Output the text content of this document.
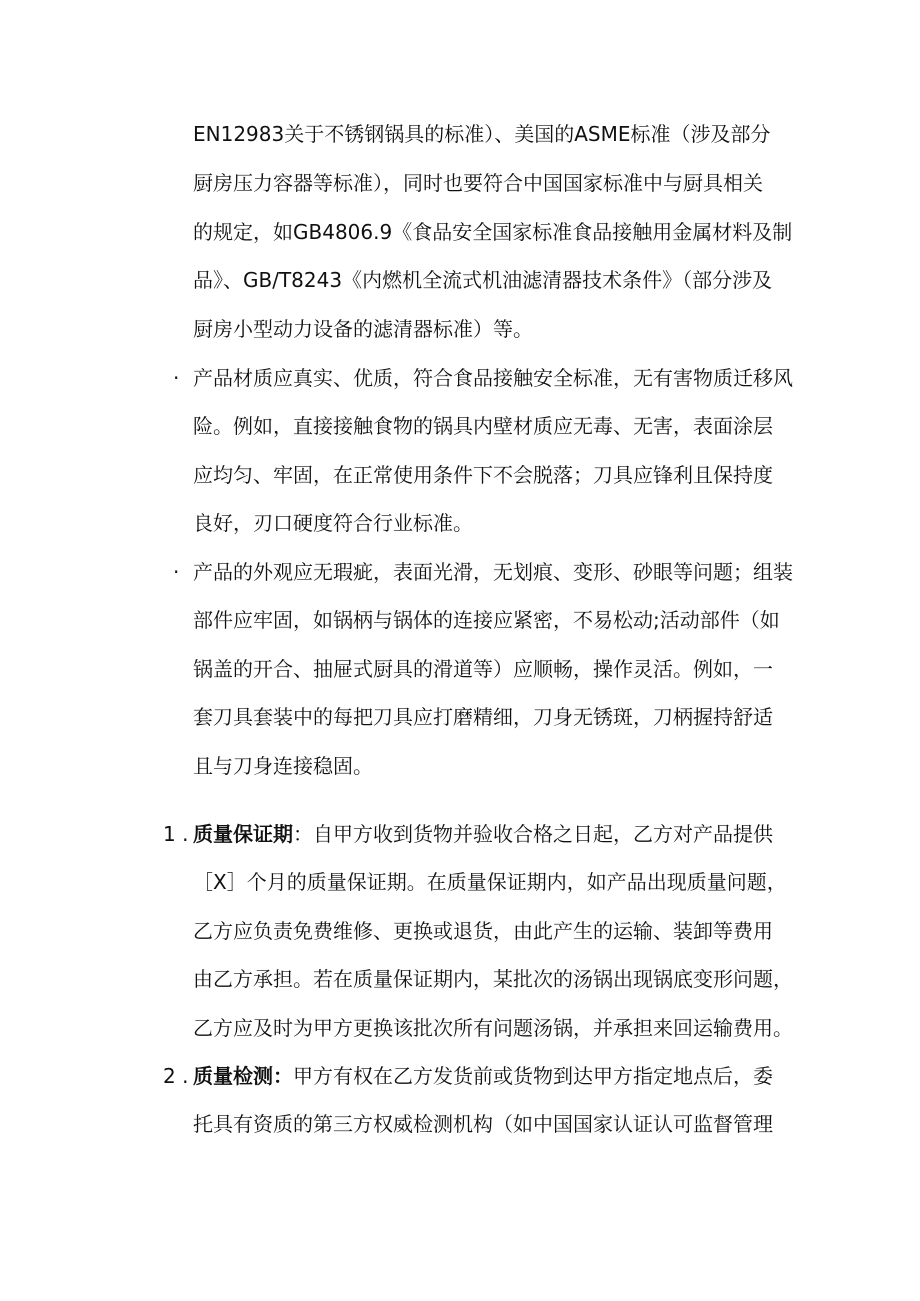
EN12983关于不锈钢锅具的标准）、美国的ASME标准（涉及部分
厨房压力容器等标准），同时也要符合中国国家标准中与厨具相关
的规定，如GB4806.9《食品安全国家标准食品接触用金属材料及制
品》、GB/T8243《内燃机全流式机油滤清器技术条件》（部分涉及
厨房小型动力设备的滤清器标准）等。
· 产品材质应真实、优质，符合食品接触安全标准，无有害物质迁移风
险。例如，直接接触食物的锅具内壁材质应无毒、无害，表面涂层
应均匀、牢固，在正常使用条件下不会脱落；刀具应锋利且保持度
良好，刃口硬度符合行业标准。
· 产品的外观应无瑕疵，表面光滑，无划痕、变形、砂眼等问题；组装
部件应牢固，如锅柄与锅体的连接应紧密，不易松动;活动部件（如
锅盖的开合、抽屉式厨具的滑道等）应顺畅，操作灵活。例如，一
套刀具套装中的每把刀具应打磨精细，刀身无锈斑，刀柄握持舒适
且与刀身连接稳固。
1 . 质量保证期：自甲方收到货物并验收合格之日起，乙方对产品提供
［X］个月的质量保证期。在质量保证期内，如产品出现质量问题，
乙方应负责免费维修、更换或退货，由此产生的运输、装卸等费用
由乙方承担。若在质量保证期内，某批次的汤锅出现锅底变形问题，
乙方应及时为甲方更换该批次所有问题汤锅，并承担来回运输费用。
2 . 质量检测：甲方有权在乙方发货前或货物到达甲方指定地点后，委
托具有资质的第三方权威检测机构（如中国国家认证认可监督管理
